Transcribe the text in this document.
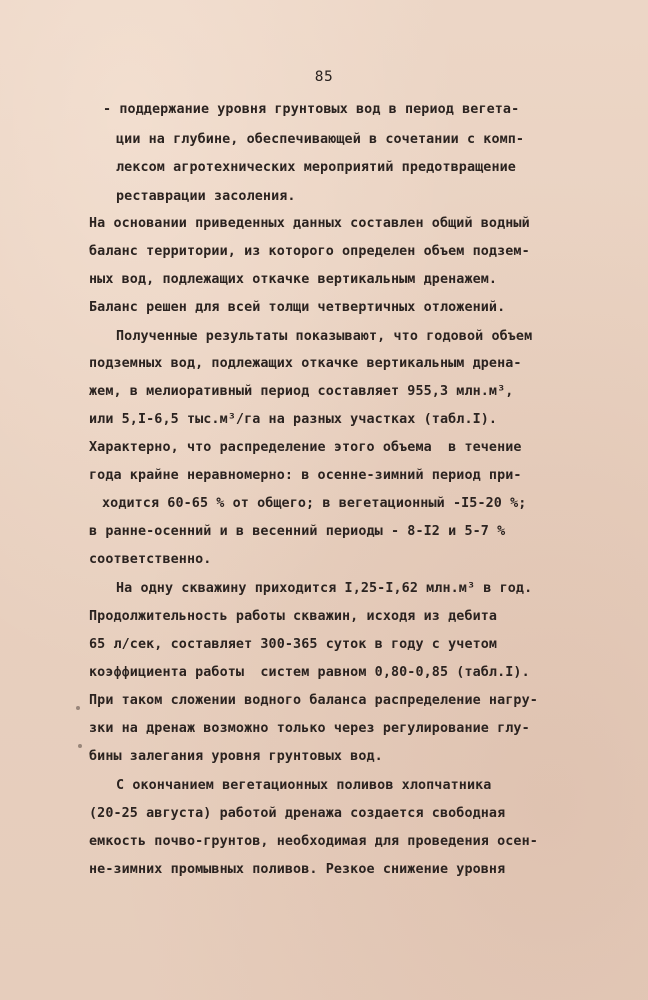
85
- поддержание уровня грунтовых вод в период вегета-
ции на глубине, обеспечивающей в сочетании с комп-
лексом агротехнических мероприятий предотвращение
реставрации засоления.
На основании приведенных данных составлен общий водный
баланс территории, из которого определен объем подзем-
ных вод, подлежащих откачке вертикальным дренажем.
Баланс решен для всей толщи четвертичных отложений.
Полученные результаты показывают, что годовой объем
подземных вод, подлежащих откачке вертикальным дрена-
жем, в мелиоративный период составляет 955,3 млн.м³,
или 5,I-6,5 тыс.м³/га на разных участках (табл.I).
Характерно, что распределение этого объема  в течение
года крайне неравномерно: в осенне-зимний период при-
ходится 60-65 % от общего; в вегетационный -I5-20 %;
в ранне-осенний и в весенний периоды - 8-I2 и 5-7 %
соответственно.
На одну скважину приходится I,25-I,62 млн.м³ в год.
Продолжительность работы скважин, исходя из дебита
65 л/сек, составляет 300-365 суток в году с учетом
коэффициента работы  систем равном 0,80-0,85 (табл.I).
При таком сложении водного баланса распределение нагру-
зки на дренаж возможно только через регулирование глу-
бины залегания уровня грунтовых вод.
С окончанием вегетационных поливов хлопчатника
(20-25 августа) работой дренажа создается свободная
емкость почво-грунтов, необходимая для проведения осен-
не-зимних промывных поливов. Резкое снижение уровня
